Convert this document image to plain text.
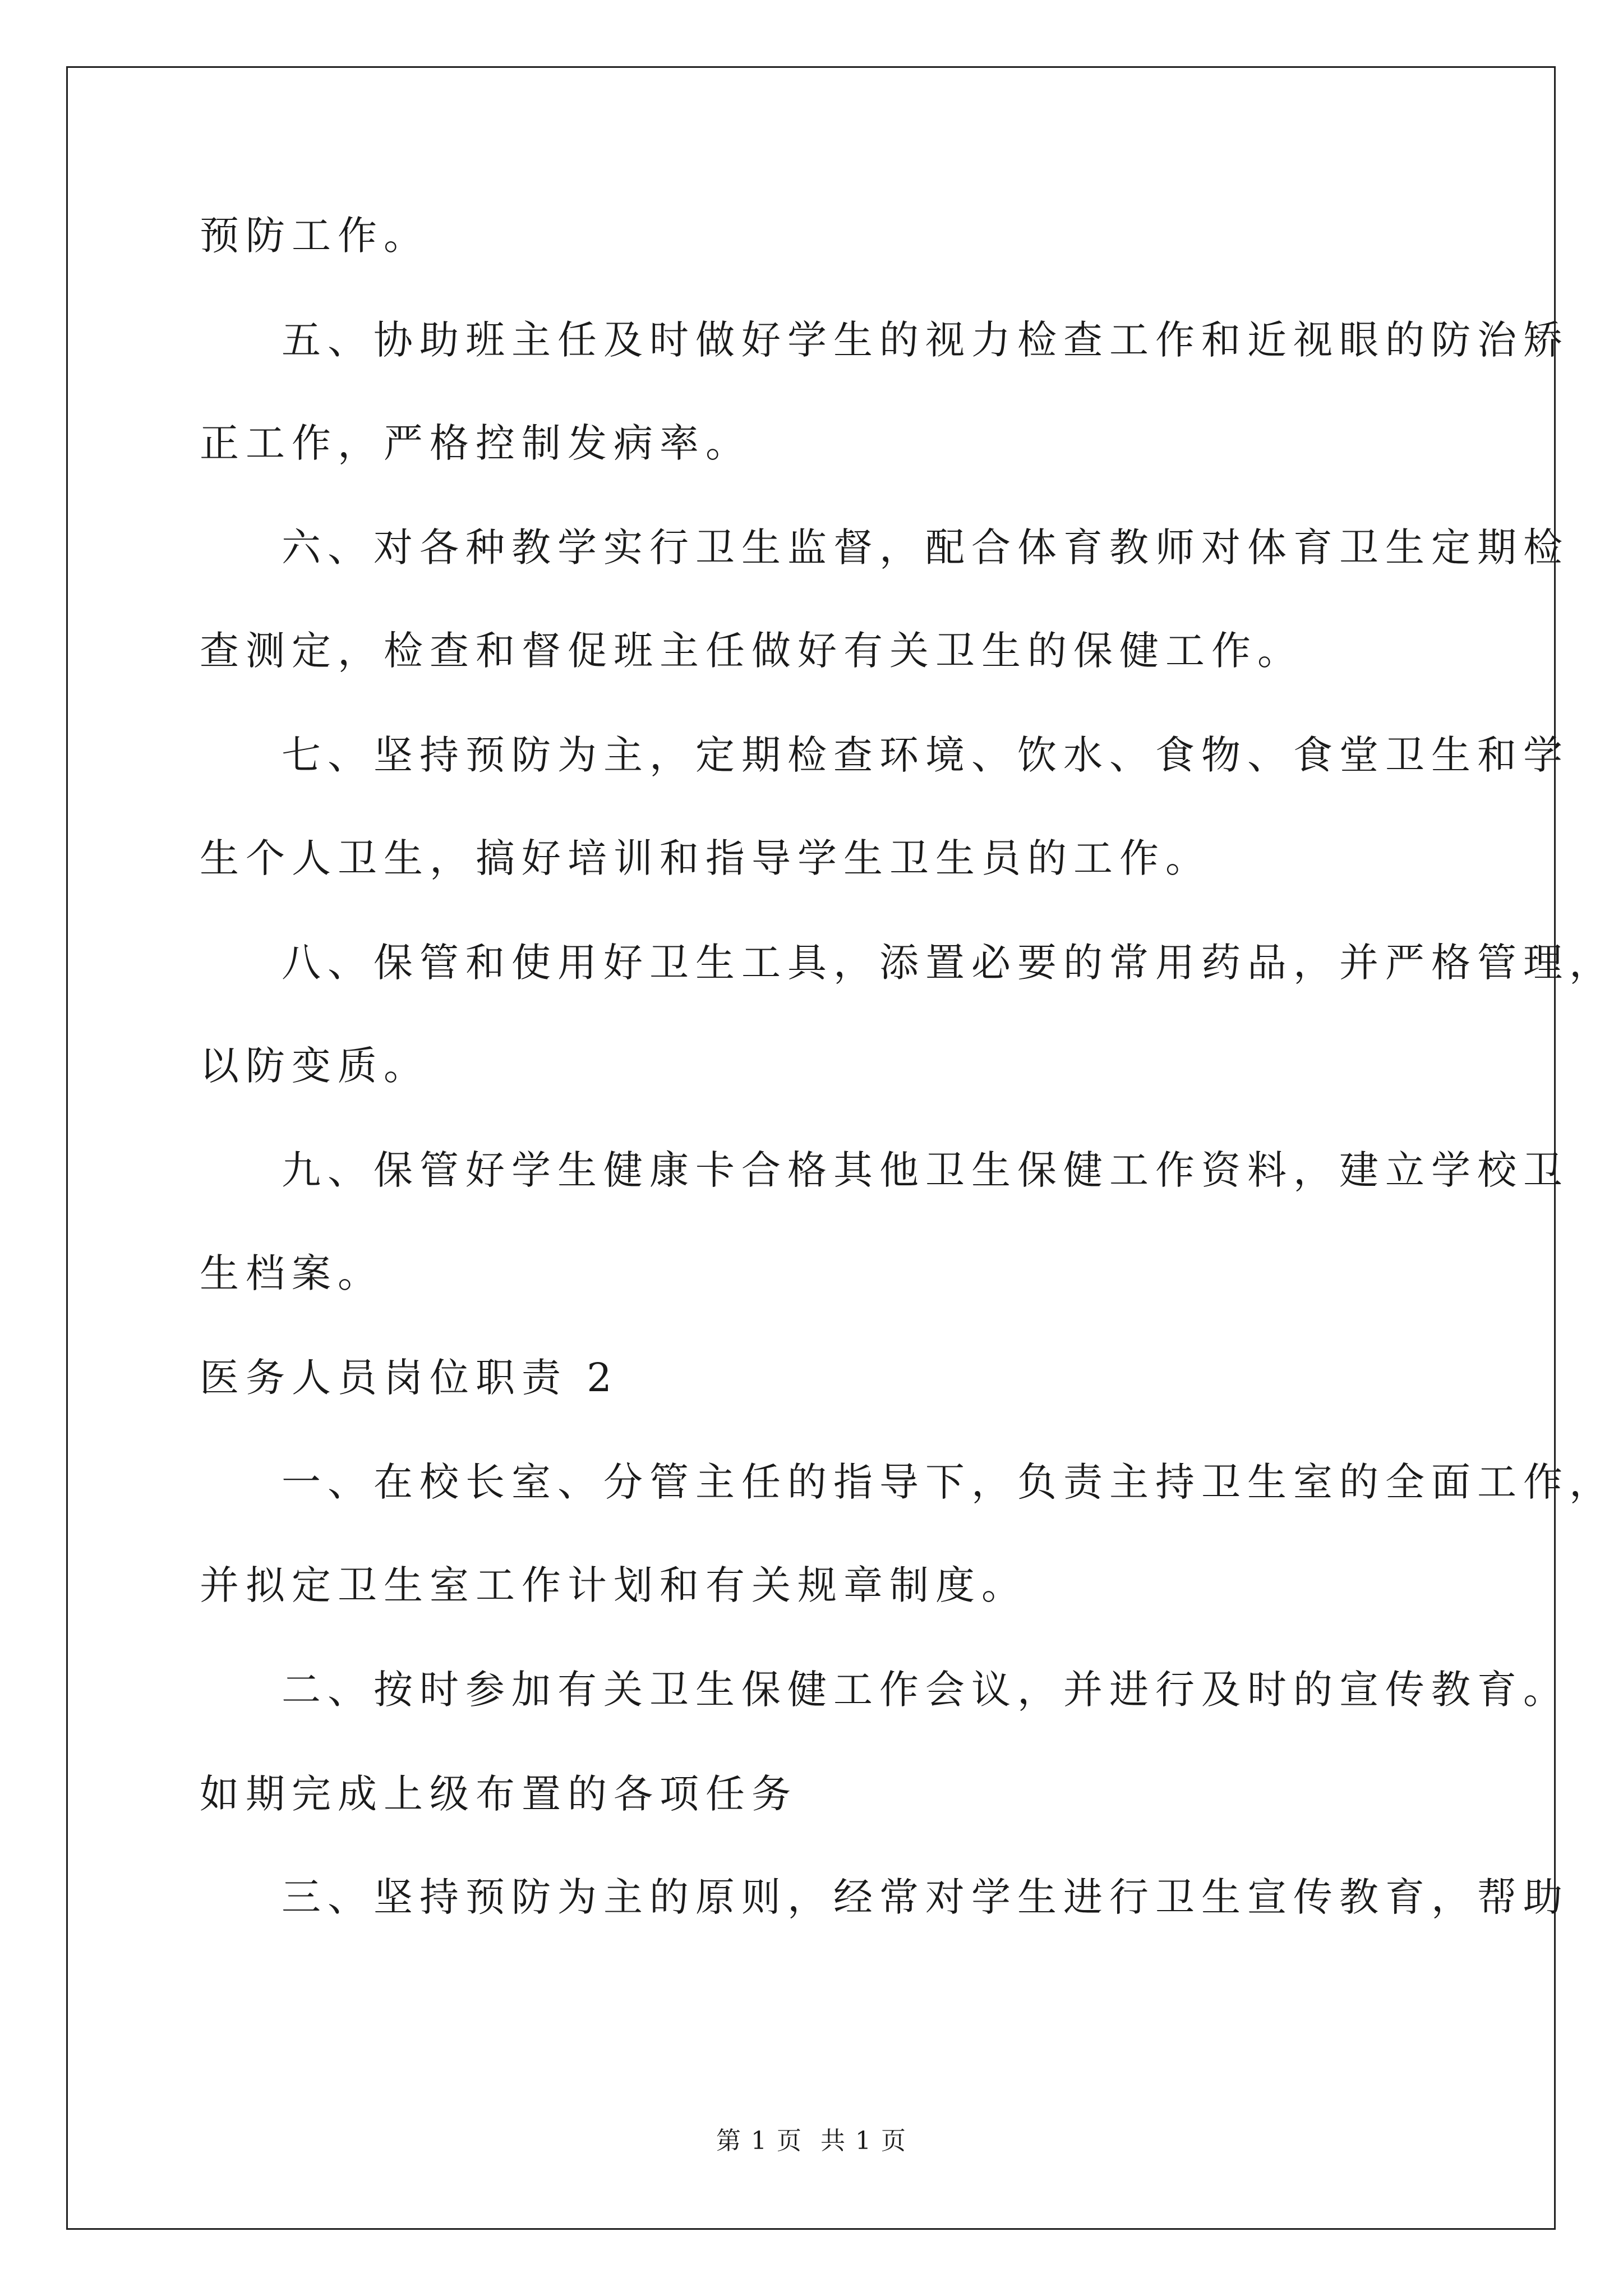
预防工作。
五、协助班主任及时做好学生的视力检查工作和近视眼的防治矫
正工作，严格控制发病率。
六、对各种教学实行卫生监督，配合体育教师对体育卫生定期检
查测定，检查和督促班主任做好有关卫生的保健工作。
七、坚持预防为主，定期检查环境、饮水、食物、食堂卫生和学
生个人卫生，搞好培训和指导学生卫生员的工作。
八、保管和使用好卫生工具，添置必要的常用药品，并严格管理，
以防变质。
九、保管好学生健康卡合格其他卫生保健工作资料，建立学校卫
生档案。
医务人员岗位职责 2
一、在校长室、分管主任的指导下，负责主持卫生室的全面工作，
并拟定卫生室工作计划和有关规章制度。
二、按时参加有关卫生保健工作会议，并进行及时的宣传教育。
如期完成上级布置的各项任务
三、坚持预防为主的原则，经常对学生进行卫生宣传教育，帮助
第 1 页 共 1 页
